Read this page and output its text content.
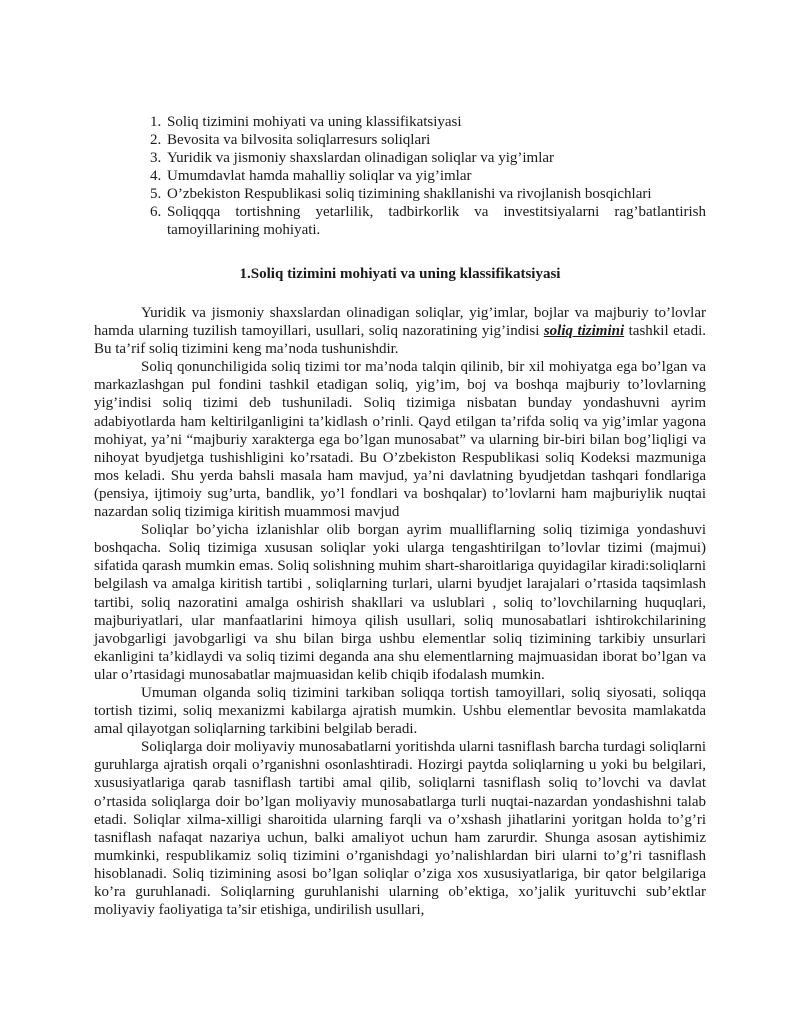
1. Soliq tizimini mohiyati va uning klassifikatsiyasi
2. Bevosita va bilvosita soliqlarresurs soliqlari
3. Yuridik va jismoniy shaxslardan olinadigan soliqlar va yig’imlar
4. Umumdavlat hamda mahalliy soliqlar va yig’imlar
5. O’zbekiston Respublikasi soliq tizimining shakllanishi va rivojlanish bosqichlari
6. Soliqqqa tortishning yetarlilik, tadbirkorlik va investitsiyalarni rag’batlantirish tamoyillarining mohiyati.
1.Soliq tizimini mohiyati va uning klassifikatsiyasi

Yuridik va jismoniy shaxslardan olinadigan soliqlar, yig’imlar, bojlar va majburiy to’lovlar hamda ularning tuzilish tamoyillari, usullari, soliq nazoratining yig’indisi soliq tizimini tashkil etadi. Bu ta’rif soliq tizimini keng ma’noda tushunishdir.

Soliq qonunchiligida soliq tizimi tor ma’noda talqin qilinib, bir xil mohiyatga ega bo’lgan va markazlashgan pul fondini tashkil etadigan soliq, yig’im, boj va boshqa majburiy to’lovlarning yig’indisi soliq tizimi deb tushuniladi. Soliq tizimiga nisbatan bunday yondashuvni ayrim adabiyotlarda ham keltirilganligini ta’kidlash o’rinli. Qayd etilgan ta’rifda soliq va yig’imlar yagona mohiyat, ya’ni “majburiy xarakterga ega bo’lgan munosabat” va ularning bir-biri bilan bog’liqligi va nihoyat byudjetga tushishligini ko’rsatadi. Bu O’zbekiston Respublikasi soliq Kodeksi mazmuniga mos keladi. Shu yerda bahsli masala ham mavjud, ya’ni davlatning byudjetdan tashqari fondlariga (pensiya, ijtimoiy sug’urta, bandlik, yo’l fondlari va boshqalar) to’lovlarni ham majburiylik nuqtai nazardan soliq tizimiga kiritish muammosi mavjud

Soliqlar bo’yicha izlanishlar olib borgan ayrim mualliflarning soliq tizimiga yondashuvi boshqacha. Soliq tizimiga xususan soliqlar yoki ularga tengashtirilgan to’lovlar tizimi (majmui) sifatida qarash mumkin emas. Soliq solishning muhim shart-sharoitlariga quyidagilar kiradi:soliqlarni belgilash va amalga kiritish tartibi , soliqlarning turlari, ularni byudjet larajalari o’rtasida taqsimlash tartibi, soliq nazoratini amalga oshirish shakllari va uslublari , soliq to’lovchilarning huquqlari, majburiyatlari, ular manfaatlarini himoya qilish usullari, soliq munosabatlari ishtirokchilarining javobgarligi javobgarligi va shu bilan birga ushbu elementlar soliq tizimining tarkibiy unsurlari ekanligini ta’kidlaydi va soliq tizimi deganda ana shu elementlarning majmuasidan iborat bo’lgan va ular o’rtasidagi munosabatlar majmuasidan kelib chiqib ifodalash mumkin.

Umuman olganda soliq tizimini tarkiban soliqqa tortish tamoyillari, soliq siyosati, soliqqa tortish tizimi, soliq mexanizmi kabilarga ajratish mumkin. Ushbu elementlar bevosita mamlakatda amal qilayotgan soliqlarning tarkibini belgilab beradi.

Soliqlarga doir moliyaviy munosabatlarni yoritishda ularni tasniflash barcha turdagi soliqlarni guruhlarga ajratish orqali o’rganishni osonlashtiradi. Hozirgi paytda soliqlarning u yoki bu belgilari, xususiyatlariga qarab tasniflash tartibi amal qilib, soliqlarni tasniflash soliq to’lovchi va davlat o’rtasida soliqlarga doir bo’lgan moliyaviy munosabatlarga turli nuqtai-nazardan yondashishni talab etadi. Soliqlar xilma-xilligi sharoitida ularning farqli va o’xshash jihatlarini yoritgan holda to’g’ri tasniflash nafaqat nazariya uchun, balki amaliyot uchun ham zarurdir. Shunga asosan aytishimiz mumkinki, respublikamiz soliq tizimini o’rganishdagi yo’nalishlardan biri ularni to’g’ri tasniflash hisoblanadi. Soliq tizimining asosi bo’lgan soliqlar o’ziga xos xususiyatlariga, bir qator belgilariga ko’ra guruhlanadi. Soliqlarning guruhlanishi ularning ob’ektiga, xo’jalik yurituvchi sub’ektlar moliyaviy faoliyatiga ta’sir etishiga, undirilish usullari,
